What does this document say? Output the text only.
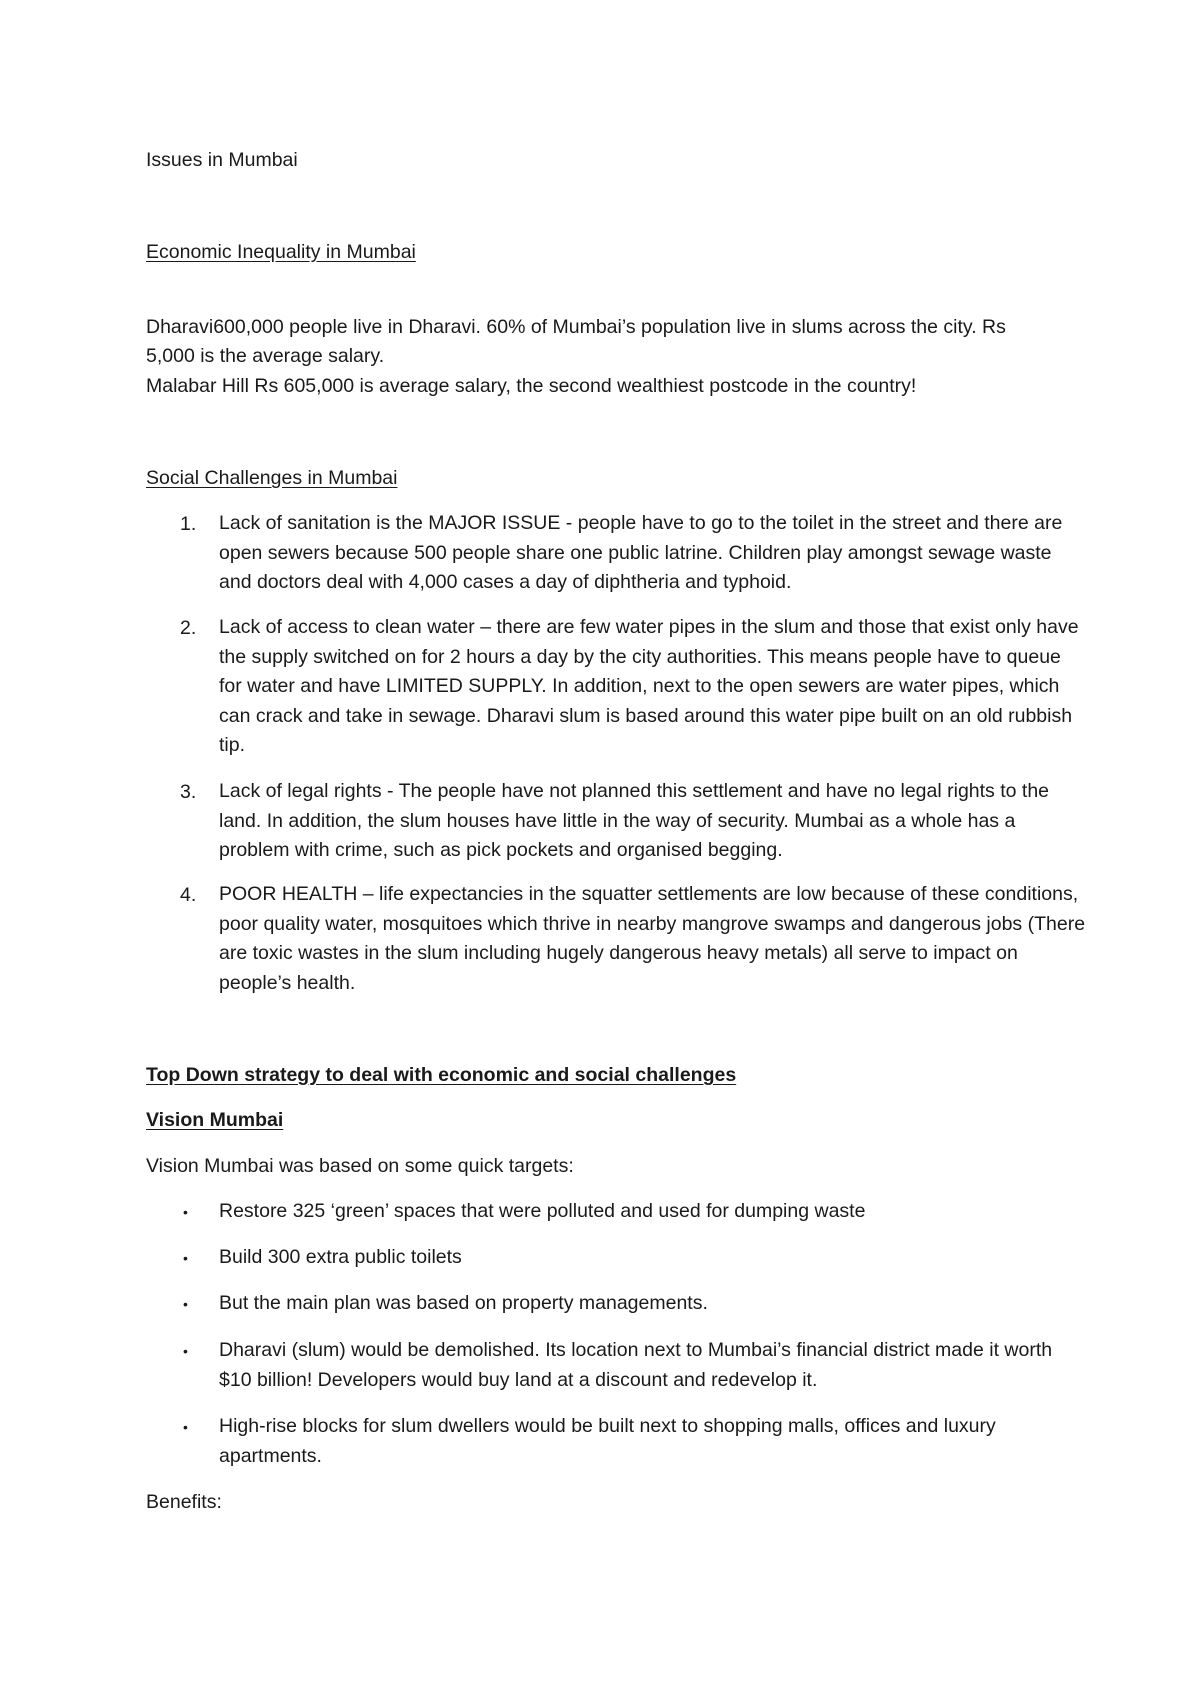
Issues in Mumbai
Economic Inequality in Mumbai
Dharavi600,000 people live in Dharavi. 60% of Mumbai’s population live in slums across the city. Rs
5,000 is the average salary.
Malabar Hill Rs 605,000 is average salary, the second wealthiest postcode in the country!
Social Challenges in Mumbai
1.	Lack of sanitation is the MAJOR ISSUE - people have to go to the toilet in the street and there are open sewers because 500 people share one public latrine. Children play amongst sewage waste and doctors deal with 4,000 cases a day of diphtheria and typhoid.
2.	Lack of access to clean water – there are few water pipes in the slum and those that exist only have the supply switched on for 2 hours a day by the city authorities. This means people have to queue for water and have LIMITED SUPPLY. In addition, next to the open sewers are water pipes, which can crack and take in sewage. Dharavi slum is based around this water pipe built on an old rubbish tip.
3.	Lack of legal rights - The people have not planned this settlement and have no legal rights to the land. In addition, the slum houses have little in the way of security. Mumbai as a whole has a problem with crime, such as pick pockets and organised begging.
4.	POOR HEALTH – life expectancies in the squatter settlements are low because of these conditions, poor quality water, mosquitoes which thrive in nearby mangrove swamps and dangerous jobs (There are toxic wastes in the slum including hugely dangerous heavy metals) all serve to impact on people’s health.
Top Down strategy to deal with economic and social challenges
Vision Mumbai
Vision Mumbai was based on some quick targets:
• Restore 325 ‘green’ spaces that were polluted and used for dumping waste
• Build 300 extra public toilets
• But the main plan was based on property managements.
• Dharavi (slum) would be demolished. Its location next to Mumbai’s financial district made it worth $10 billion! Developers would buy land at a discount and redevelop it.
• High-rise blocks for slum dwellers would be built next to shopping malls, offices and luxury apartments.
Benefits:
